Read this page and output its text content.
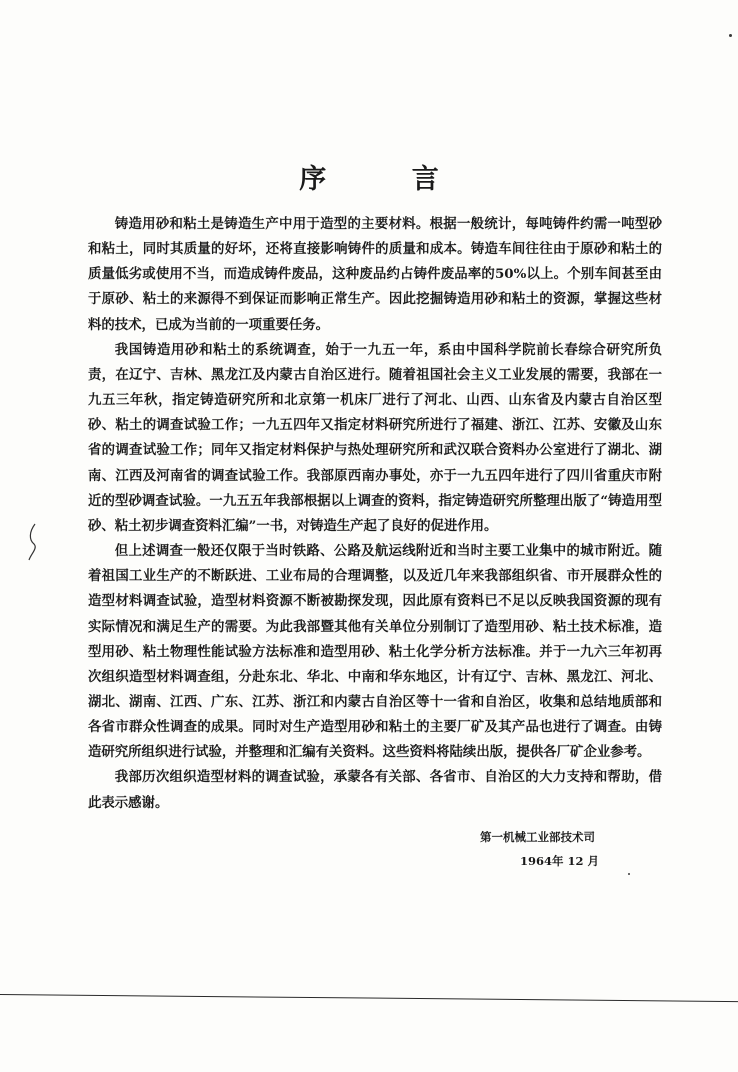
序 言

铸造用砂和粘土是铸造生产中用于造型的主要材料。根据一般统计，每吨铸件约需一吨型砂和粘土，同时其质量的好坏，还将直接影响铸件的质量和成本。铸造车间往往由于原砂和粘土的质量低劣或使用不当，而造成铸件废品，这种废品约占铸件废品率的50%以上。个别车间甚至由于原砂、粘土的来源得不到保证而影响正常生产。因此挖掘铸造用砂和粘土的资源，掌握这些材料的技术，已成为当前的一项重要任务。

我国铸造用砂和粘土的系统调查，始于一九五一年，系由中国科学院前长春综合研究所负责，在辽宁、吉林、黑龙江及内蒙古自治区进行。随着祖国社会主义工业发展的需要，我部在一九五三年秋，指定铸造研究所和北京第一机床厂进行了河北、山西、山东省及内蒙古自治区型砂、粘土的调查试验工作；一九五四年又指定材料研究所进行了福建、浙江、江苏、安徽及山东省的调查试验工作；同年又指定材料保护与热处理研究所和武汉联合资料办公室进行了湖北、湖南、江西及河南省的调查试验工作。我部原西南办事处，亦于一九五四年进行了四川省重庆市附近的型砂调查试验。一九五五年我部根据以上调查的资料，指定铸造研究所整理出版了“铸造用型砂、粘土初步调查资料汇编”一书，对铸造生产起了良好的促进作用。

但上述调查一般还仅限于当时铁路、公路及航运线附近和当时主要工业集中的城市附近。随着祖国工业生产的不断跃进、工业布局的合理调整，以及近几年来我部组织省、市开展群众性的造型材料调查试验，造型材料资源不断被勘探发现，因此原有资料已不足以反映我国资源的现有实际情况和满足生产的需要。为此我部暨其他有关单位分别制订了造型用砂、粘土技术标准，造型用砂、粘土物理性能试验方法标准和造型用砂、粘土化学分析方法标准。并于一九六三年初再次组织造型材料调查组，分赴东北、华北、中南和华东地区，计有辽宁、吉林、黑龙江、河北、湖北、湖南、江西、广东、江苏、浙江和内蒙古自治区等十一省和自治区，收集和总结地质部和各省市群众性调查的成果。同时对生产造型用砂和粘土的主要厂矿及其产品也进行了调查。由铸造研究所组织进行试验，并整理和汇编有关资料。这些资料将陆续出版，提供各厂矿企业参考。

我部历次组织造型材料的调查试验，承蒙各有关部、各省市、自治区的大力支持和帮助，借此表示感谢。

第一机械工业部技术司
1964年 12 月
